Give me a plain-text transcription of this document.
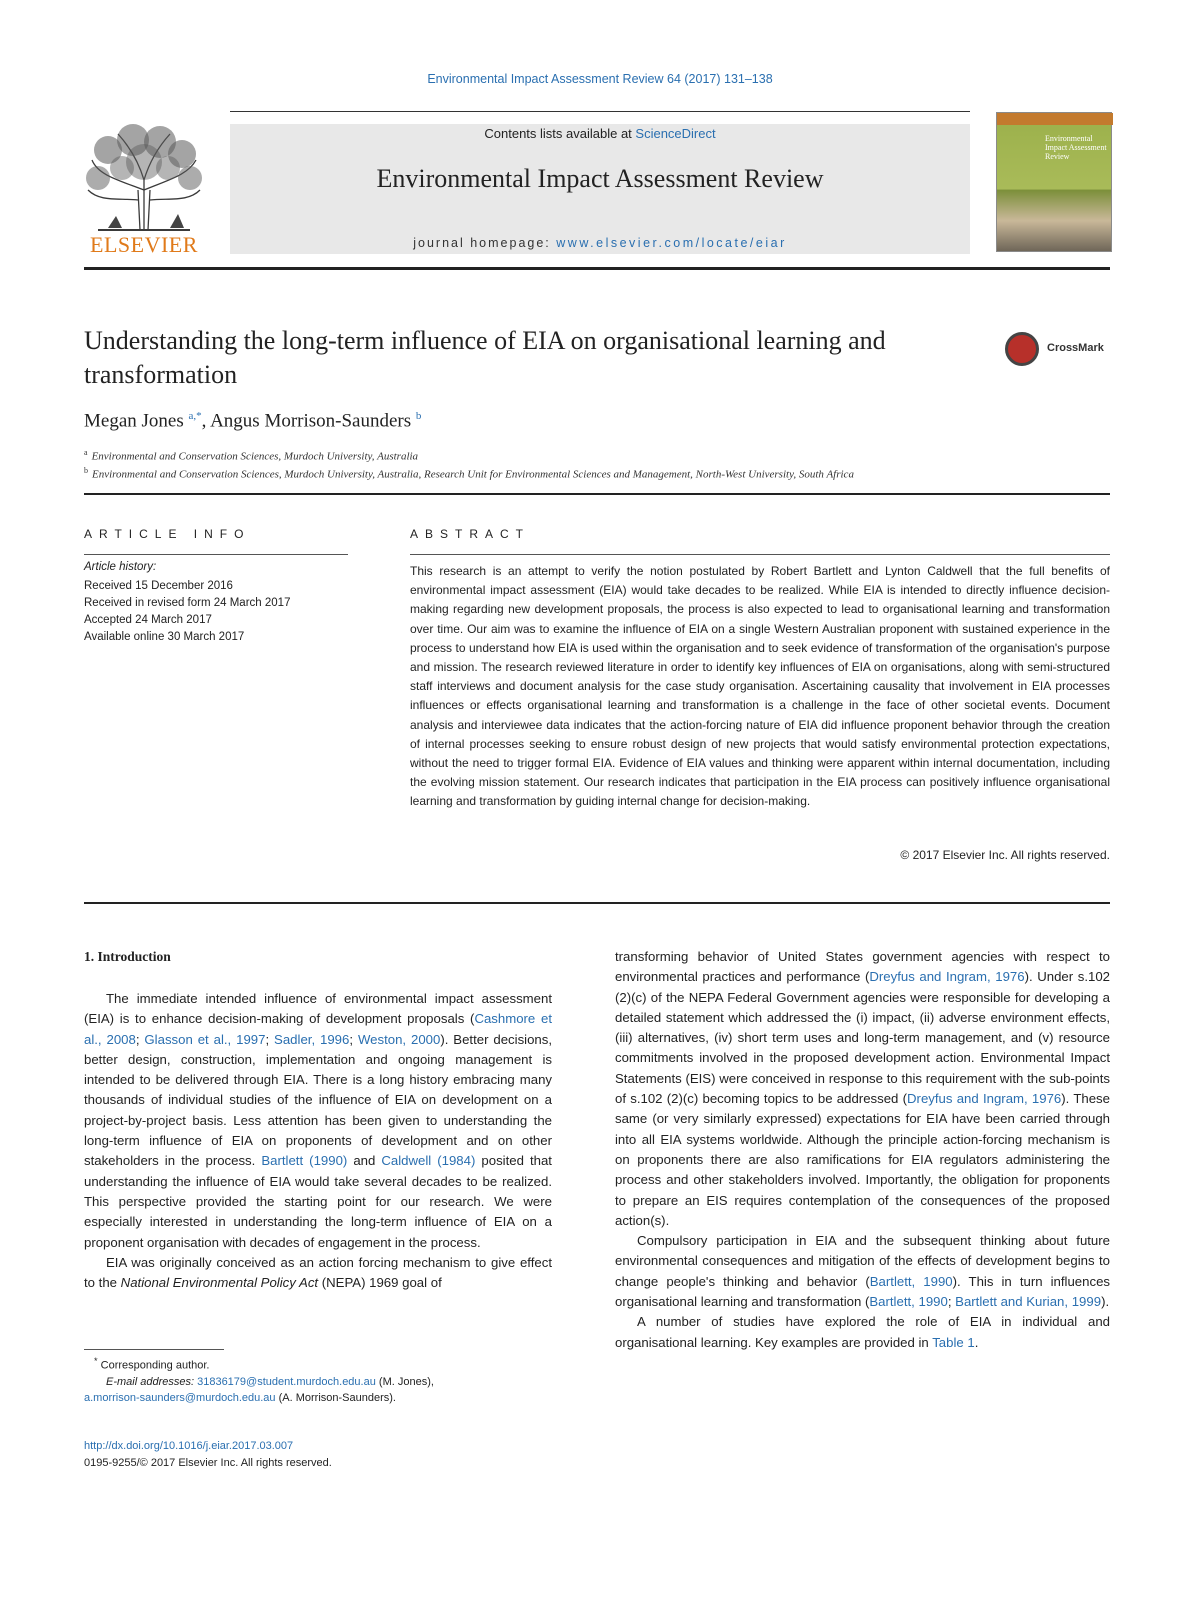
Environmental Impact Assessment Review 64 (2017) 131–138
ELSEVIER
Contents lists available at ScienceDirect
Environmental Impact Assessment Review
journal homepage: www.elsevier.com/locate/eiar
Environmental Impact Assessment Review
Understanding the long-term influence of EIA on organisational learning and transformation
CrossMark
Megan Jones $^{a,*}$, Angus Morrison-Saunders $^b$
$^a$ Environmental and Conservation Sciences, Murdoch University, Australia
$^b$ Environmental and Conservation Sciences, Murdoch University, Australia, Research Unit for Environmental Sciences and Management, North-West University, South Africa
ARTICLE INFO
Article history:
Received 15 December 2016
Received in revised form 24 March 2017
Accepted 24 March 2017
Available online 30 March 2017
ABSTRACT

This research is an attempt to verify the notion postulated by Robert Bartlett and Lynton Caldwell that the full benefits of environmental impact assessment (EIA) would take decades to be realized. While EIA is intended to directly influence decision-making regarding new development proposals, the process is also expected to lead to organisational learning and transformation over time. Our aim was to examine the influence of EIA on a single Western Australian proponent with sustained experience in the process to understand how EIA is used within the organisation and to seek evidence of transformation of the organisation's purpose and mission. The research reviewed literature in order to identify key influences of EIA on organisations, along with semi-structured staff interviews and document analysis for the case study organisation. Ascertaining causality that involvement in EIA processes influences or effects organisational learning and transformation is a challenge in the face of other societal events. Document analysis and interviewee data indicates that the action-forcing nature of EIA did influence proponent behavior through the creation of internal processes seeking to ensure robust design of new projects that would satisfy environmental protection expectations, without the need to trigger formal EIA. Evidence of EIA values and thinking were apparent within internal documentation, including the evolving mission statement. Our research indicates that participation in the EIA process can positively influence organisational learning and transformation by guiding internal change for decision-making.

© 2017 Elsevier Inc. All rights reserved.
1. Introduction

The immediate intended influence of environmental impact assessment (EIA) is to enhance decision-making of development proposals (Cashmore et al., 2008; Glasson et al., 1997; Sadler, 1996; Weston, 2000). Better decisions, better design, construction, implementation and ongoing management is intended to be delivered through EIA. There is a long history embracing many thousands of individual studies of the influence of EIA on development on a project-by-project basis. Less attention has been given to understanding the long-term influence of EIA on proponents of development and on other stakeholders in the process. Bartlett (1990) and Caldwell (1984) posited that understanding the influence of EIA would take several decades to be realized. This perspective provided the starting point for our research. We were especially interested in understanding the long-term influence of EIA on a proponent organisation with decades of engagement in the process.

EIA was originally conceived as an action forcing mechanism to give effect to the National Environmental Policy Act (NEPA) 1969 goal of

transforming behavior of United States government agencies with respect to environmental practices and performance (Dreyfus and Ingram, 1976). Under s.102 (2)(c) of the NEPA Federal Government agencies were responsible for developing a detailed statement which addressed the (i) impact, (ii) adverse environment effects, (iii) alternatives, (iv) short term uses and long-term management, and (v) resource commitments involved in the proposed development action. Environmental Impact Statements (EIS) were conceived in response to this requirement with the sub-points of s.102 (2)(c) becoming topics to be addressed (Dreyfus and Ingram, 1976). These same (or very similarly expressed) expectations for EIA have been carried through into all EIA systems worldwide. Although the principle action-forcing mechanism is on proponents there are also ramifications for EIA regulators administering the process and other stakeholders involved. Importantly, the obligation for proponents to prepare an EIS requires contemplation of the consequences of the proposed action(s).

Compulsory participation in EIA and the subsequent thinking about future environmental consequences and mitigation of the effects of development begins to change people's thinking and behavior (Bartlett, 1990). This in turn influences organisational learning and transformation (Bartlett, 1990; Bartlett and Kurian, 1999).

A number of studies have explored the role of EIA in individual and organisational learning. Key examples are provided in Table 1.

* Corresponding author.
E-mail addresses: 31836179@student.murdoch.edu.au (M. Jones),
a.morrison-saunders@murdoch.edu.au (A. Morrison-Saunders).
http://dx.doi.org/10.1016/j.eiar.2017.03.007
0195-9255/© 2017 Elsevier Inc. All rights reserved.
